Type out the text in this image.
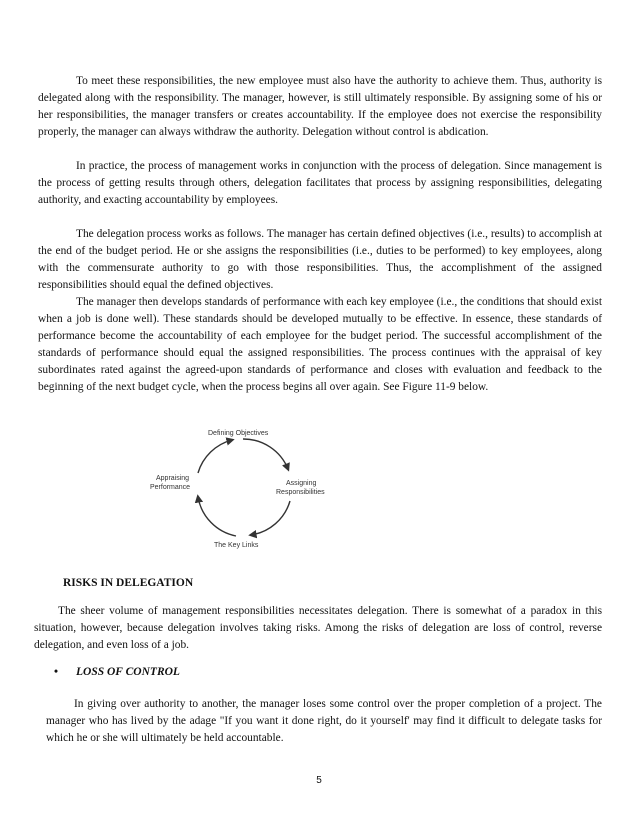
To meet these responsibilities, the new employee must also have the authority to achieve them. Thus, authority is delegated along with the responsibility. The manager, however, is still ultimately responsible. By assigning some of his or her responsibilities, the manager transfers or creates accountability. If the employee does not exercise the responsibility properly, the manager can always withdraw the authority. Delegation without control is abdication.

In practice, the process of management works in conjunction with the process of delegation. Since management is the process of getting results through others, delegation facilitates that process by assigning responsibilities, delegating authority, and exacting accountability by employees.

The delegation process works as follows. The manager has certain defined objectives (i.e., results) to accomplish at the end of the budget period. He or she assigns the responsibilities (i.e., duties to be performed) to key employees, along with the commensurate authority to go with those responsibilities. Thus, the accomplishment of the assigned responsibilities should equal the defined objectives.

The manager then develops standards of performance with each key employee (i.e., the conditions that should exist when a job is done well). These standards should be developed mutually to be effective. In essence, these standards of performance become the accountability of each employee for the budget period. The successful accomplishment of the standards of performance should equal the assigned responsibilities. The process continues with the appraisal of key subordinates rated against the agreed-upon standards of performance and closes with evaluation and feedback to the beginning of the next budget cycle, when the process begins all over again. See Figure 11-9 below.

Defining Objectives
Assigning
Responsibilities
The Key Links
Appraising
Performance

RISKS IN DELEGATION

The sheer volume of management responsibilities necessitates delegation. There is somewhat of a paradox in this situation, however, because delegation involves taking risks. Among the risks of delegation are loss of control, reverse delegation, and even loss of a job.

• LOSS OF CONTROL

In giving over authority to another, the manager loses some control over the proper completion of a project. The manager who has lived by the adage "If you want it done right, do it yourself' may find it difficult to delegate tasks for which he or she will ultimately be held accountable.

5
